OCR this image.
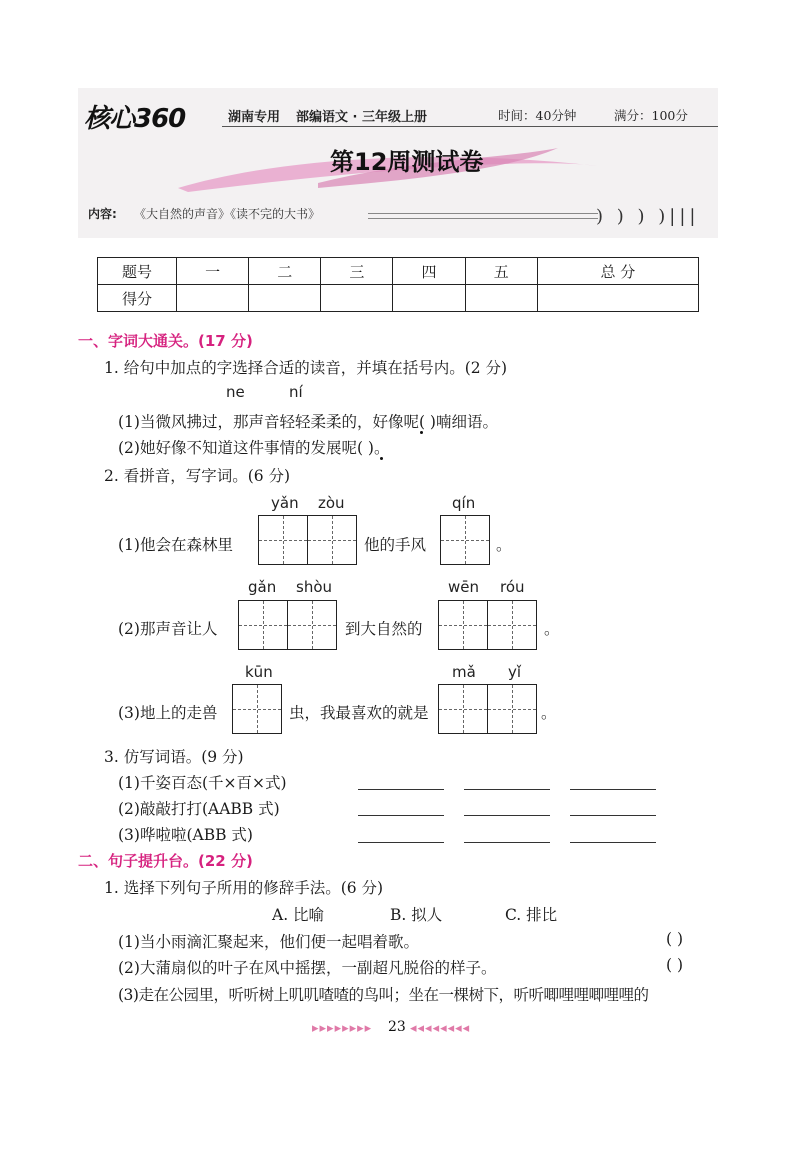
核心360	湖南专用 部编语文 · 三年级上册	时间：40分钟	满分：100分
第12周测试卷
内容: 《大自然的声音》《读不完的大书》	) ) ) )|||
题号	一	二	三	四	五	总 分
得分						
一、字词大通关。(17 分)
1. 给句中加点的字选择合适的读音，并填在括号内。(2 分)
ne	ní
(1)当微风拂过，那声音轻轻柔柔的，好像呢( )喃细语。
(2)她好像不知道这件事情的发展呢( )。
2. 看拼音，写字词。(6 分)
yǎn zòu	qín
(1)他会在森林里	他的手风	。
gǎn shòu	wēn róu
(2)那声音让人	到大自然的	。
kūn	mǎ yǐ
(3)地上的走兽	虫，我最喜欢的就是	。
3. 仿写词语。(9 分)
(1)千姿百态(千×百×式)
(2)敲敲打打(AABB 式)
(3)哗啦啦(ABB 式)
二、句子提升台。(22 分)
1. 选择下列句子所用的修辞手法。(6 分)
A. 比喻	B. 拟人	C. 排比
(1)当小雨滴汇聚起来，他们便一起唱着歌。	( )
(2)大蒲扇似的叶子在风中摇摆，一副超凡脱俗的样子。	( )
(3)走在公园里，听听树上叽叽喳喳的鸟叫；坐在一棵树下，听听唧哩哩唧哩哩的
▸▸▸▸▸▸▸▸ 23 ◂◂◂◂◂◂◂◂
